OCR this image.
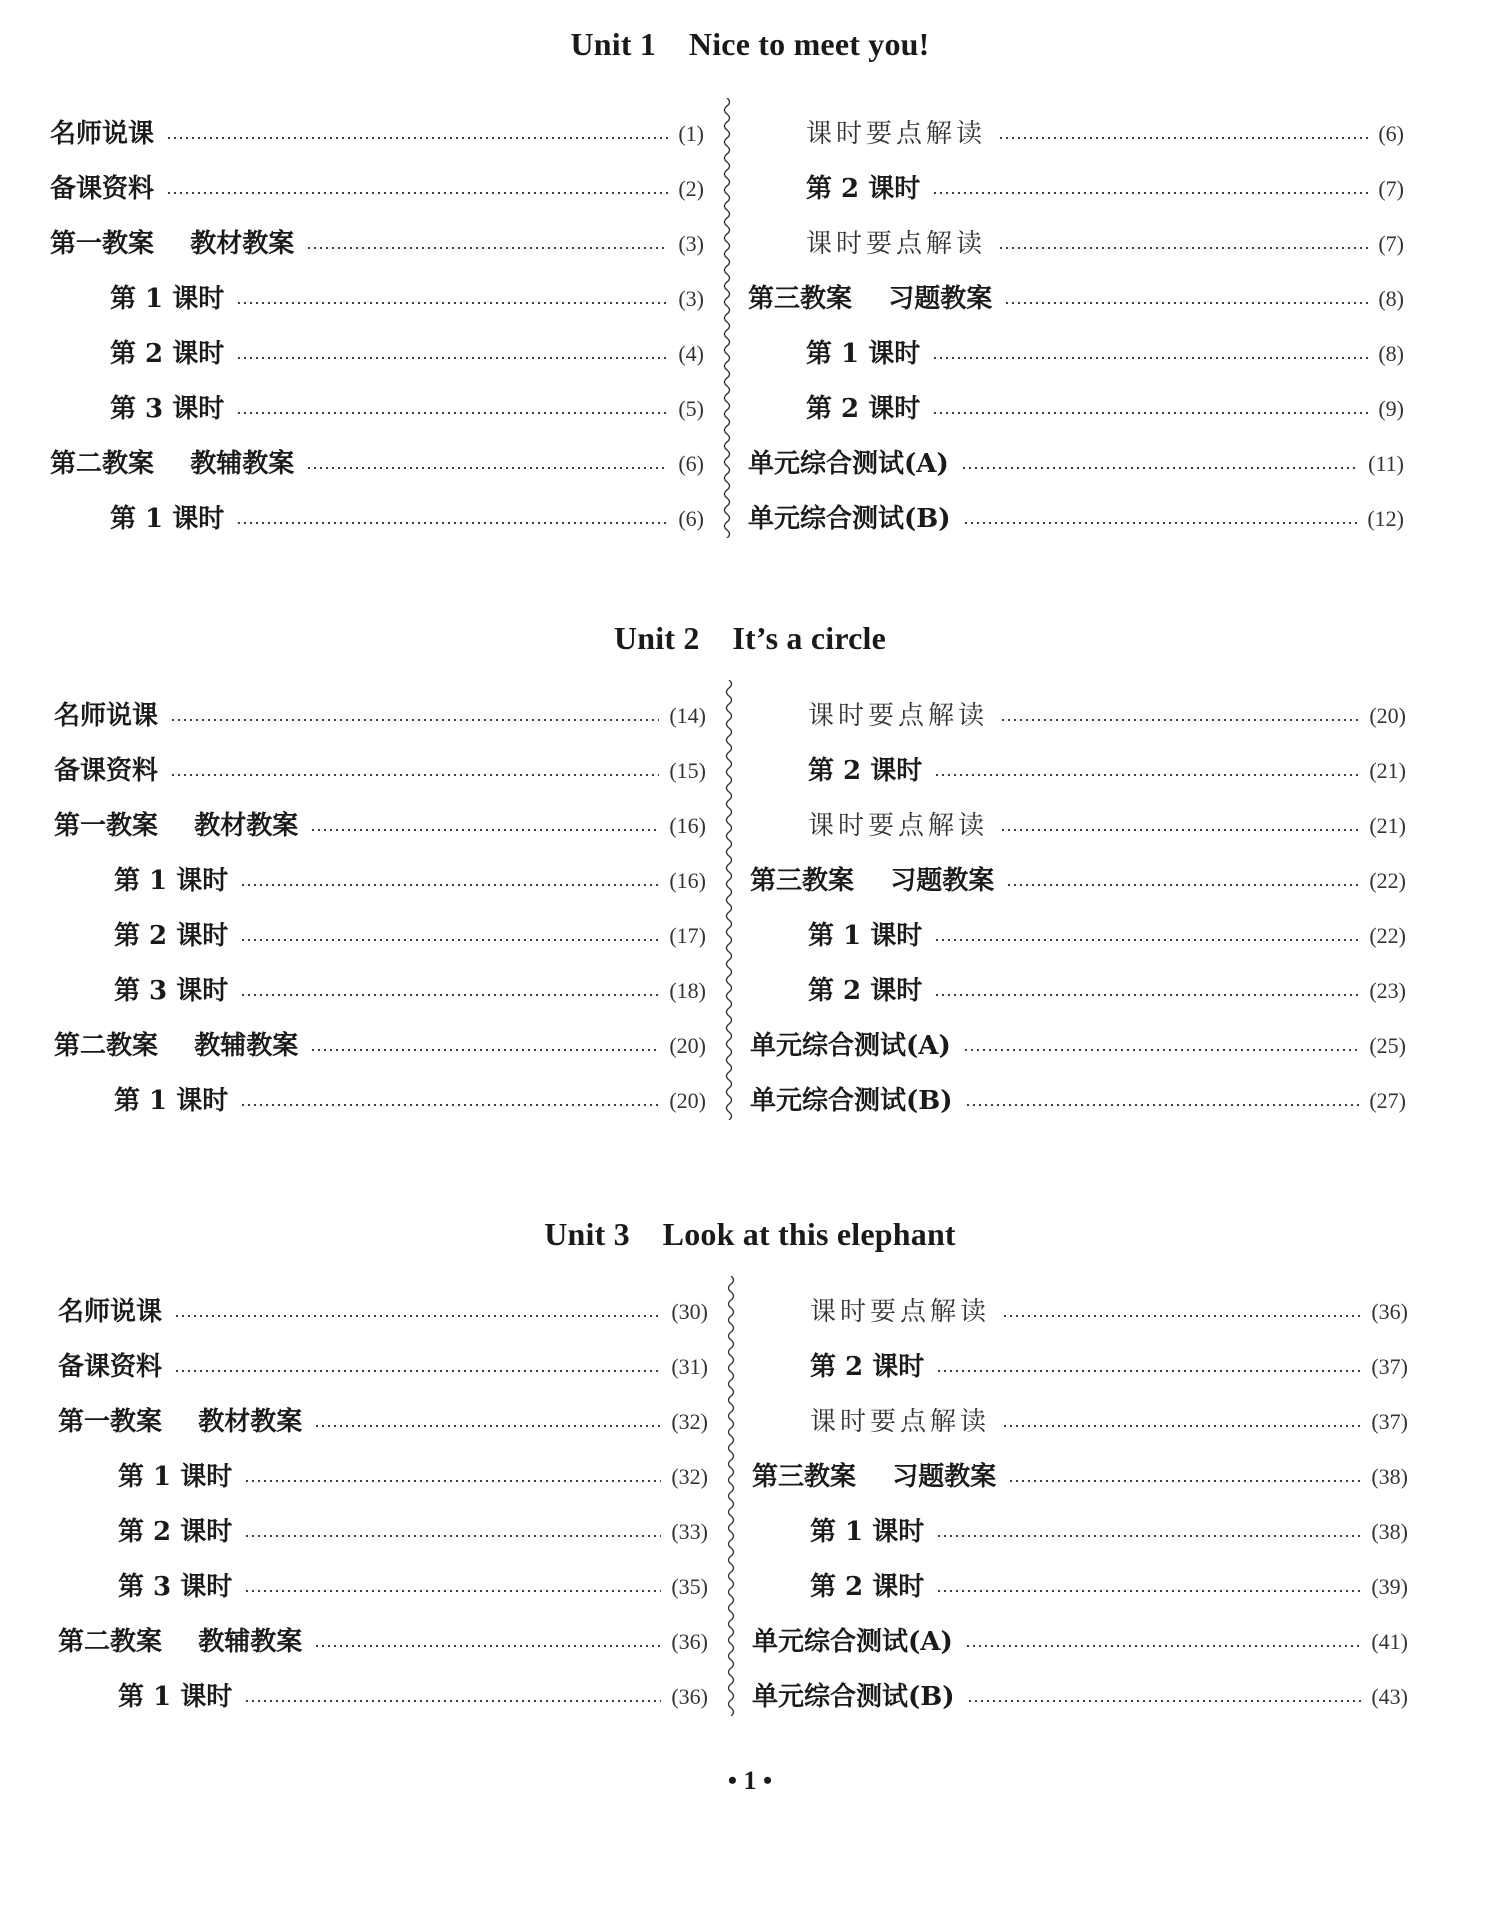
Unit 1    Nice to meet you!
名师说课	(1)
备课资料	(2)
第一教案    教材教案	(3)
第 1 课时	(3)
第 2 课时	(4)
第 3 课时	(5)
第二教案    教辅教案	(6)
第 1 课时	(6)
课时要点解读	(6)
第 2 课时	(7)
课时要点解读	(7)
第三教案    习题教案	(8)
第 1 课时	(8)
第 2 课时	(9)
单元综合测试(A)	(11)
单元综合测试(B)	(12)
Unit 2    It’s a circle
名师说课	(14)
备课资料	(15)
第一教案    教材教案	(16)
第 1 课时	(16)
第 2 课时	(17)
第 3 课时	(18)
第二教案    教辅教案	(20)
第 1 课时	(20)
课时要点解读	(20)
第 2 课时	(21)
课时要点解读	(21)
第三教案    习题教案	(22)
第 1 课时	(22)
第 2 课时	(23)
单元综合测试(A)	(25)
单元综合测试(B)	(27)
Unit 3    Look at this elephant
名师说课	(30)
备课资料	(31)
第一教案    教材教案	(32)
第 1 课时	(32)
第 2 课时	(33)
第 3 课时	(35)
第二教案    教辅教案	(36)
第 1 课时	(36)
课时要点解读	(36)
第 2 课时	(37)
课时要点解读	(37)
第三教案    习题教案	(38)
第 1 课时	(38)
第 2 课时	(39)
单元综合测试(A)	(41)
单元综合测试(B)	(43)
• 1 •
